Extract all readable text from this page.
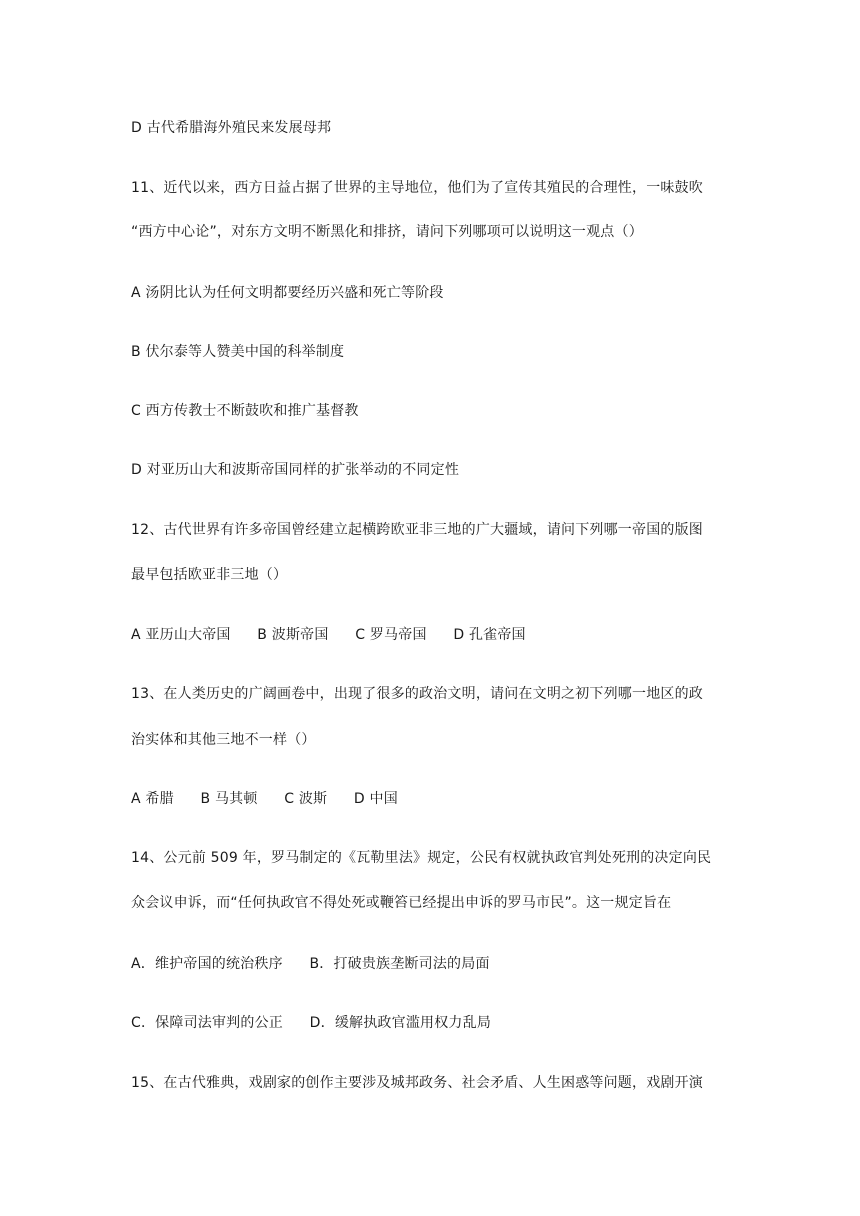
D 古代希腊海外殖民来发展母邦

11、近代以来，西方日益占据了世界的主导地位，他们为了宣传其殖民的合理性，一味鼓吹

“西方中心论”，对东方文明不断黑化和排挤，请问下列哪项可以说明这一观点（）

A 汤阴比认为任何文明都要经历兴盛和死亡等阶段

B 伏尔泰等人赞美中国的科举制度

C 西方传教士不断鼓吹和推广基督教

D 对亚历山大和波斯帝国同样的扩张举动的不同定性

12、古代世界有许多帝国曾经建立起横跨欧亚非三地的广大疆域，请问下列哪一帝国的版图

最早包括欧亚非三地（）

A 亚历山大帝国 B 波斯帝国 C 罗马帝国 D 孔雀帝国

13、在人类历史的广阔画卷中，出现了很多的政治文明，请问在文明之初下列哪一地区的政

治实体和其他三地不一样（）

A 希腊 B 马其顿 C 波斯 D 中国

14、公元前 509 年，罗马制定的《瓦勒里法》规定，公民有权就执政官判处死刑的决定向民

众会议申诉，而“任何执政官不得处死或鞭笞已经提出申诉的罗马市民”。这一规定旨在

A．维护帝国的统治秩序 B．打破贵族垄断司法的局面

C．保障司法审判的公正 D．缓解执政官滥用权力乱局

15、在古代雅典，戏剧家的创作主要涉及城邦政务、社会矛盾、人生困惑等问题，戏剧开演
